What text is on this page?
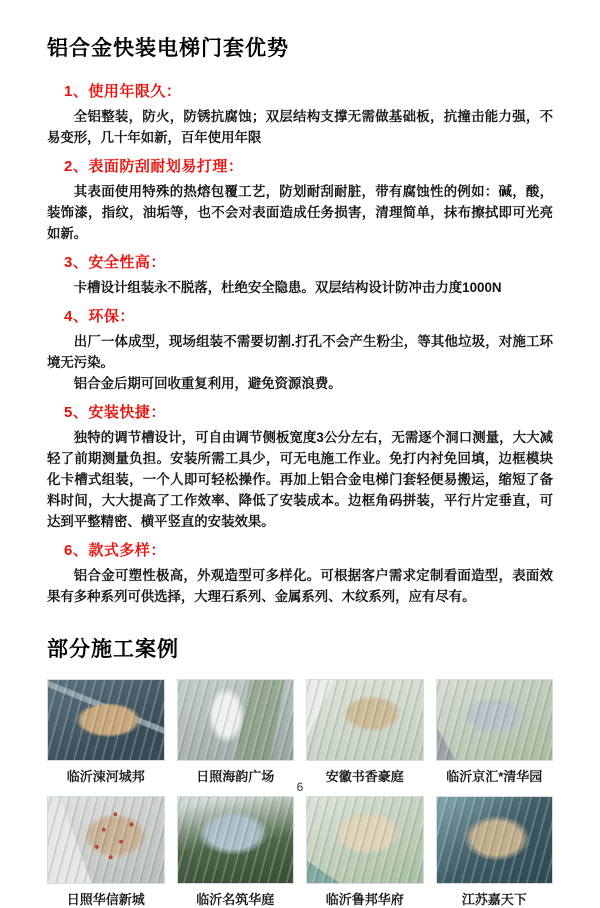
铝合金快装电梯门套优势
1、使用年限久：

全铝整装，防火，防锈抗腐蚀；双层结构支撑无需做基础板，抗撞击能力强，不易变形，几十年如新，百年使用年限

2、表面防刮耐划易打理：

其表面使用特殊的热熔包覆工艺，防划耐刮耐脏，带有腐蚀性的例如：碱，酸，装饰漆，指纹，油垢等，也不会对表面造成任务损害，清理简单，抹布擦拭即可光亮如新。

3、安全性高：

卡槽设计组装永不脱落，杜绝安全隐患。双层结构设计防冲击力度1000N

4、环保：

出厂一体成型，现场组装不需要切割.打孔不会产生粉尘，等其他垃圾，对施工环境无污染。

铝合金后期可回收重复利用，避免资源浪费。

5、安装快捷：

独特的调节槽设计，可自由调节侧板宽度3公分左右，无需逐个洞口测量，大大减轻了前期测量负担。安装所需工具少，可无电施工作业。免打内衬免回填，边框模块化卡槽式组装，一个人即可轻松操作。再加上铝合金电梯门套轻便易搬运，缩短了备料时间，大大提高了工作效率、降低了安装成本。边框角码拼装，平行片定垂直，可达到平整精密、横平竖直的安装效果。

6、款式多样：

铝合金可塑性极高，外观造型可多样化。可根据客户需求定制看面造型，表面效果有多种系列可供选择，大理石系列、金属系列、木纹系列，应有尽有。

部分施工案例
临沂涑河城邦	日照海韵广场	安徽书香豪庭	临沂京汇*清华园
日照华信新城	临沂名筑华庭	临沂鲁邦华府	江苏嘉天下
6
